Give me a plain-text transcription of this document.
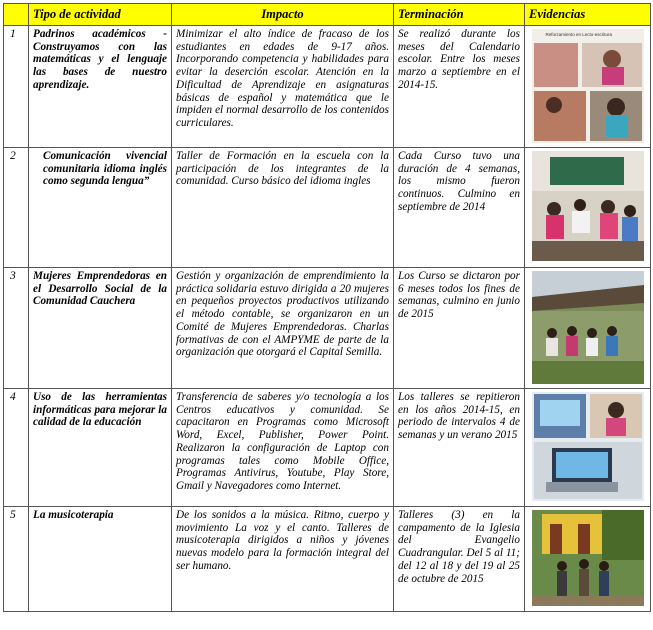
	Tipo de actividad	Impacto	Terminación	Evidencias
1	Padrinos académicos -Construyamos con las matemáticas y el lenguaje las bases de nuestro aprendizaje.	Minimizar el alto índice de fracaso de los estudiantes en edades de 9-17 años. Incorporando competencia y habilidades para evitar la deserción escolar. Atención en la Dificultad de Aprendizaje en asignaturas básicas de español y matemática que le impiden el normal desarrollo de los contenidos curriculares.	Se realizó durante los meses del Calendario escolar. Entre los meses marzo a septiembre en el 2014-15.	Reforzamiento en Lecto-escritura

2	Comunicación vivencial comunitaria idioma inglés como segunda lengua”	Taller de Formación en la escuela con la participación de los integrantes de la comunidad. Curso básico del idioma ingles	Cada Curso tuvo una duración de 4 semanas, los mismo fueron continuos. Culmino en septiembre de 2014	

3	Mujeres Emprendedoras en el Desarrollo Social de la Comunidad Cauchera	Gestión y organización de emprendimiento la práctica solidaria estuvo dirigida a 20 mujeres en pequeños proyectos productivos utilizando el método contable, se organizaron en un Comité de Mujeres Emprendedoras. Charlas formativas de con el AMPYME de parte de la organización que otorgará el Capital Semilla.	Los Curso se dictaron por 6 meses todos los fines de semanas, culmino en junio de 2015	

4	Uso de las herramientas informáticas para mejorar la calidad de la educación	Transferencia de saberes y/o tecnología a los Centros educativos y comunidad. Se capacitaron en Programas como Microsoft Word, Excel, Publisher, Power Point. Realizaron la configuración de Laptop con programas tales como Mobile Office, Programas Antivirus, Youtube, Play Store, Gmail y Navegadores como Internet.	Los talleres se repitieron en los años 2014-15, en periodo de intervalos 4 de semanas y un verano 2015	

5	La musicoterapia	De los sonidos a la música. Ritmo, cuerpo y movimiento La voz y el canto. Talleres de musicoterapia dirigidos a niños y jóvenes nuevas modelo para la formación integral del ser humano.	Talleres (3) en la campamento de la Iglesia del Evangelio Cuadrangular. Del 5 al 11; del 12 al 18 y del 19 al 25 de octubre de 2015	
